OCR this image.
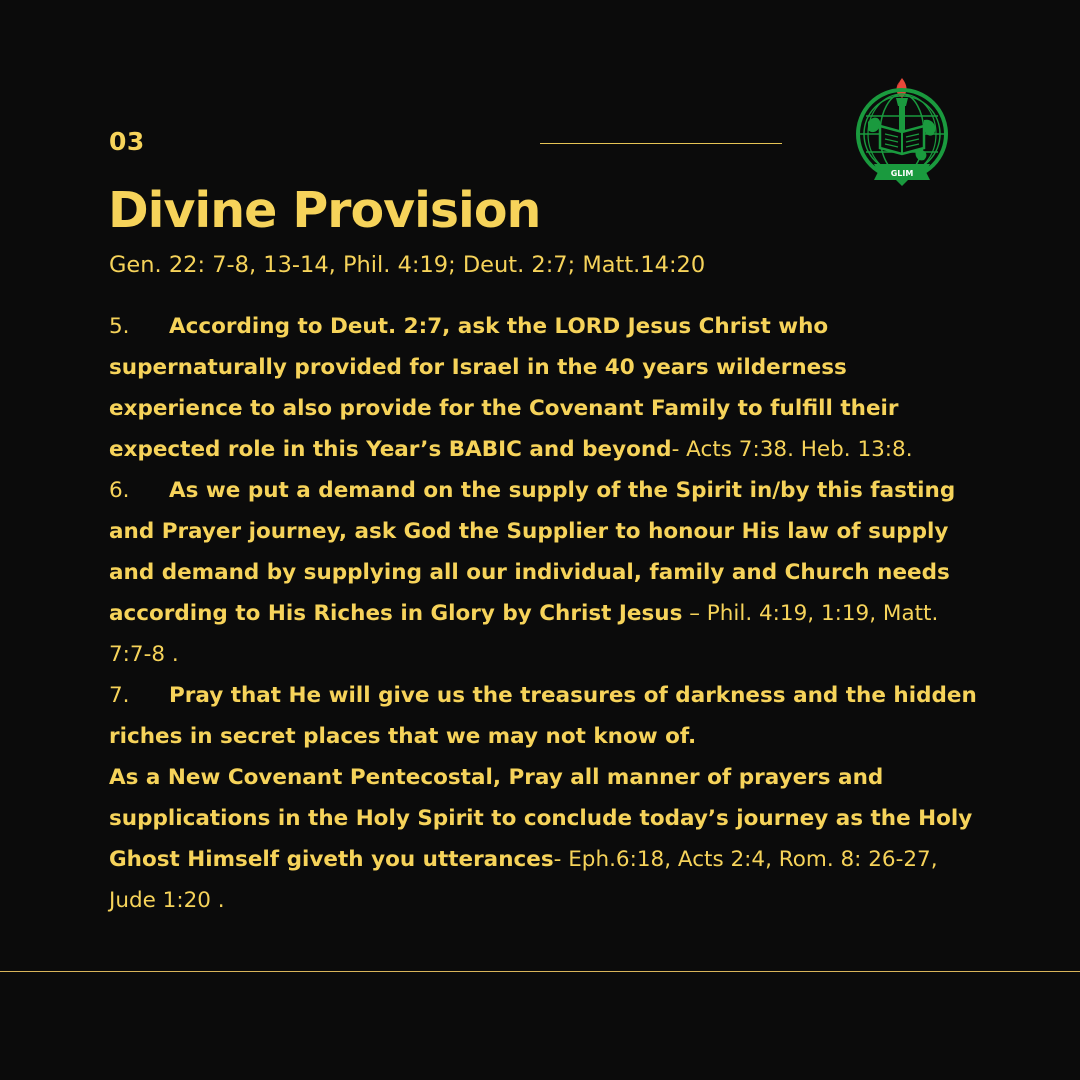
03
GLIM
Divine Provision
Gen. 22: 7-8, 13-14, Phil. 4:19; Deut. 2:7; Matt.14:20

5. According to Deut. 2:7, ask the LORD Jesus Christ who supernaturally provided for Israel in the 40 years wilderness experience to also provide for the Covenant Family to fulfill their expected role in this Year’s BABIC and beyond- Acts 7:38. Heb. 13:8.

6. As we put a demand on the supply of the Spirit in/by this fasting and Prayer journey, ask God the Supplier to honour His law of supply and demand by supplying all our individual, family and Church needs according to His Riches in Glory by Christ Jesus – Phil. 4:19, 1:19, Matt. 7:7-8 .

7. Pray that He will give us the treasures of darkness and the hidden riches in secret places that we may not know of.

As a New Covenant Pentecostal, Pray all manner of prayers and supplications in the Holy Spirit to conclude today’s journey as the Holy Ghost Himself giveth you utterances- Eph.6:18, Acts 2:4, Rom. 8: 26-27, Jude 1:20 .
